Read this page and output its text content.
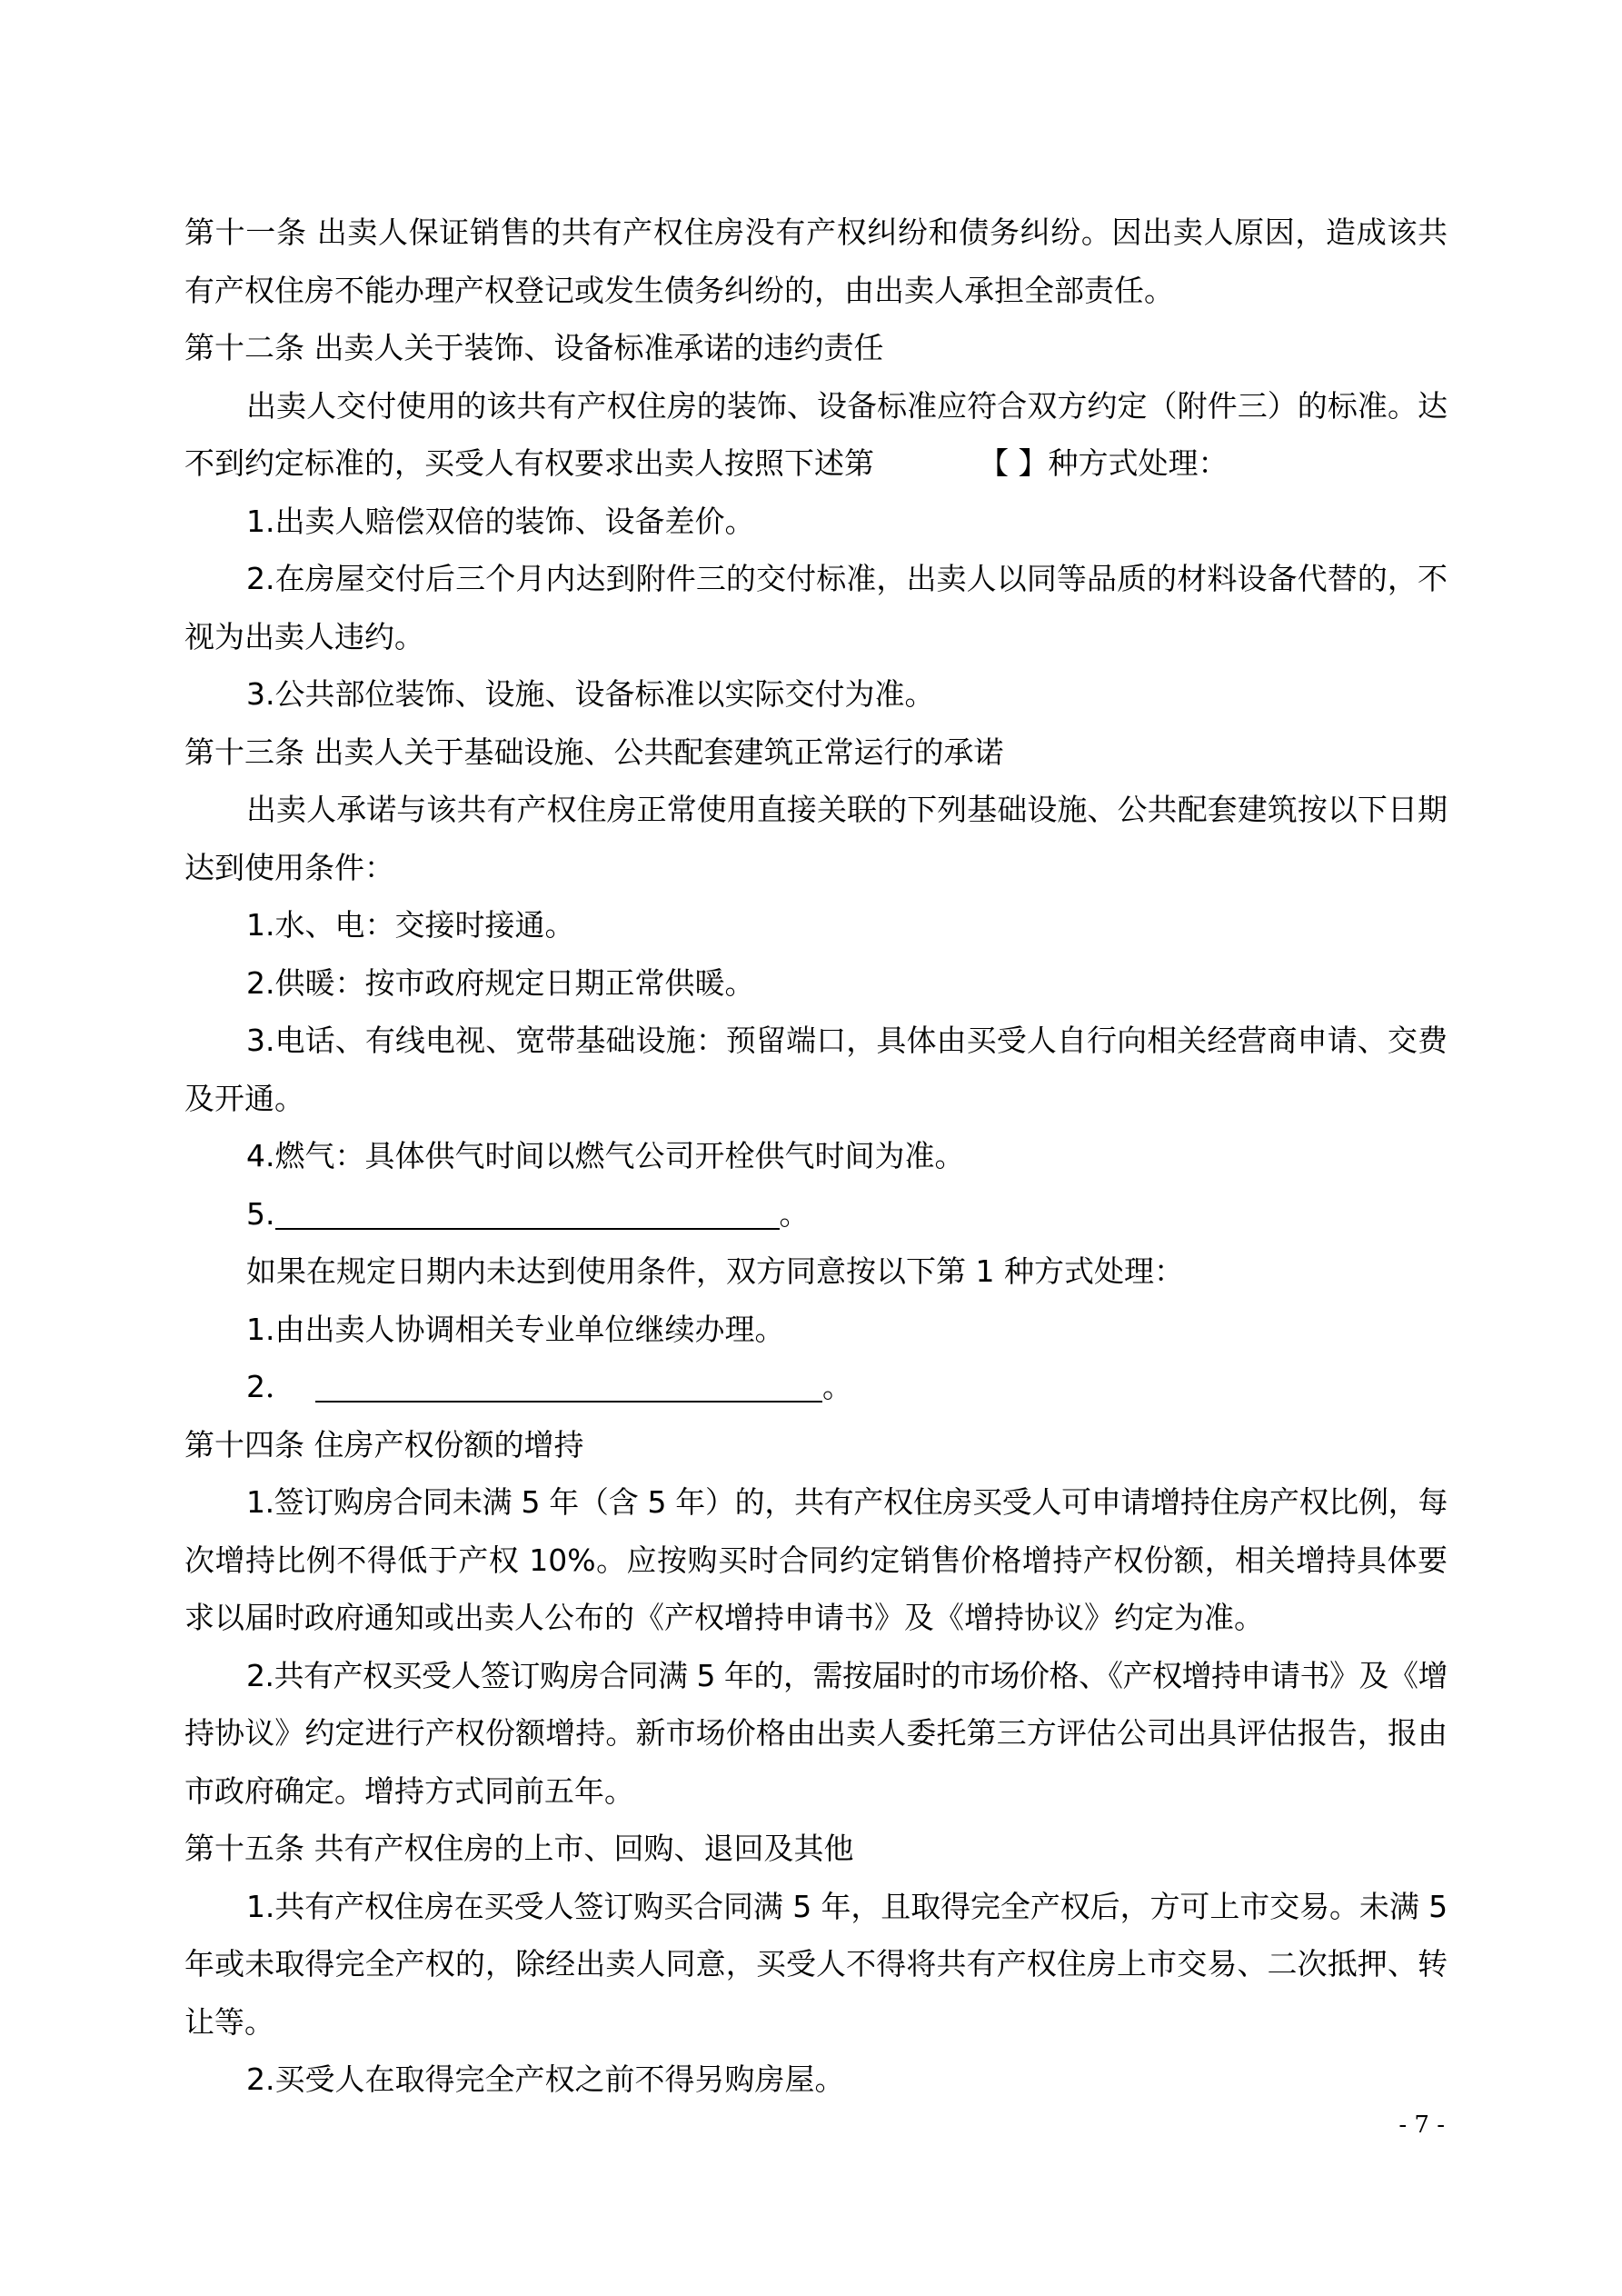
第十一条 出卖人保证销售的共有产权住房没有产权纠纷和债务纠纷。因出卖人原因，造成该共
有产权住房不能办理产权登记或发生债务纠纷的，由出卖人承担全部责任。
第十二条 出卖人关于装饰、设备标准承诺的违约责任
出卖人交付使用的该共有产权住房的装饰、设备标准应符合双方约定（附件三）的标准。达
不到约定标准的，买受人有权要求出卖人按照下述第	【 】种方式处理：
1.出卖人赔偿双倍的装饰、设备差价。
2.在房屋交付后三个月内达到附件三的交付标准，出卖人以同等品质的材料设备代替的，不
视为出卖人违约。
3.公共部位装饰、设施、设备标准以实际交付为准。
第十三条 出卖人关于基础设施、公共配套建筑正常运行的承诺
出卖人承诺与该共有产权住房正常使用直接关联的下列基础设施、公共配套建筑按以下日期
达到使用条件：
1.水、电：交接时接通。
2.供暖：按市政府规定日期正常供暖。
3.电话、有线电视、宽带基础设施：预留端口，具体由买受人自行向相关经营商申请、交费
及开通。
4.燃气：具体供气时间以燃气公司开栓供气时间为准。
5.	。
如果在规定日期内未达到使用条件，双方同意按以下第 1 种方式处理：
1.由出卖人协调相关专业单位继续办理。
2．	。
第十四条 住房产权份额的增持
1.签订购房合同未满 5 年（含 5 年）的，共有产权住房买受人可申请增持住房产权比例，每
次增持比例不得低于产权 10%。应按购买时合同约定销售价格增持产权份额，相关增持具体要
求以届时政府通知或出卖人公布的《产权增持申请书》及《增持协议》约定为准。
2.共有产权买受人签订购房合同满 5 年的，需按届时的市场价格、《产权增持申请书》及《增
持协议》约定进行产权份额增持。新市场价格由出卖人委托第三方评估公司出具评估报告，报由
市政府确定。增持方式同前五年。
第十五条 共有产权住房的上市、回购、退回及其他
1.共有产权住房在买受人签订购买合同满 5 年，且取得完全产权后，方可上市交易。未满 5
年或未取得完全产权的，除经出卖人同意，买受人不得将共有产权住房上市交易、二次抵押、转
让等。
2.买受人在取得完全产权之前不得另购房屋。
- 7 -
